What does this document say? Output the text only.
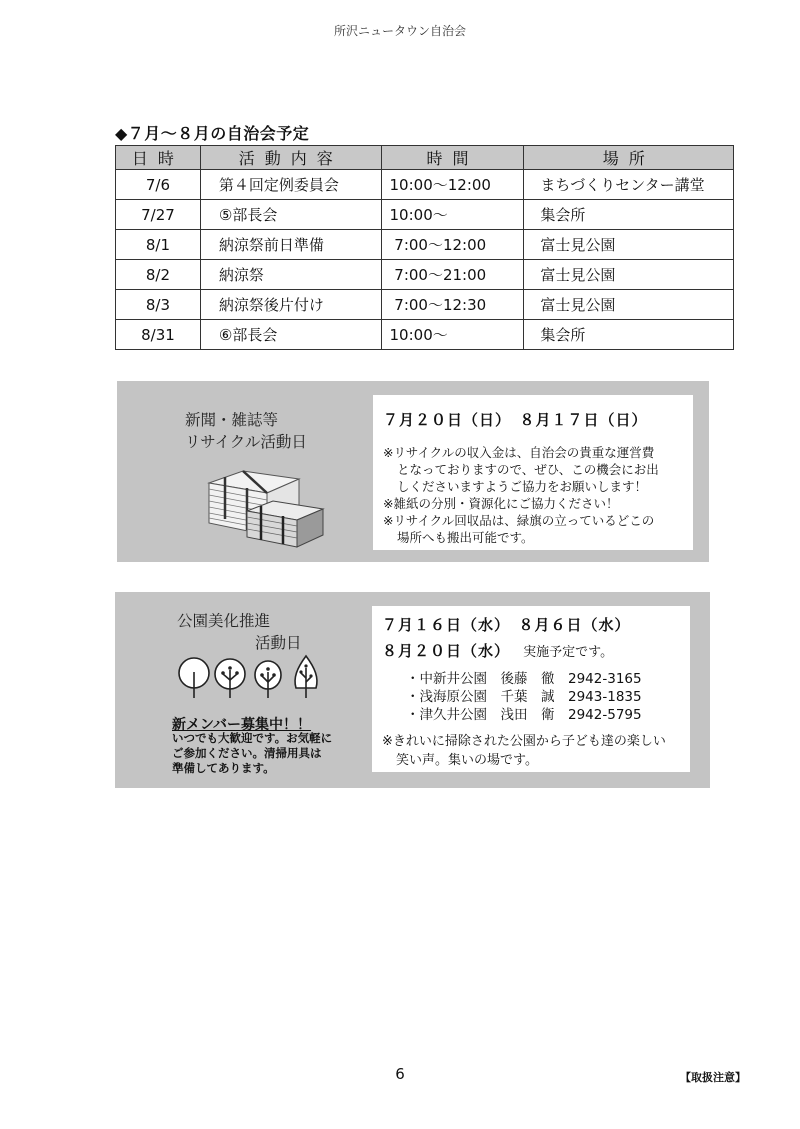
所沢ニュータウン自治会
◆７月～８月の自治会予定
日時	活動内容	時間	場所
7/6	第４回定例委員会	10:00～12:00	まちづくりセンター講堂
7/27	⑤部長会	10:00～	集会所
8/1	納涼祭前日準備	7:00～12:00	富士見公園
8/2	納涼祭	7:00～21:00	富士見公園
8/3	納涼祭後片付け	7:00～12:30	富士見公園
8/31	⑥部長会	10:00～	集会所
新聞・雑誌等
リサイクル活動日
７月２０日（日）　８月１７日（日）
※リサイクルの収入金は、自治会の貴重な運営費
となっておりますので、ぜひ、この機会にお出
しくださいますようご協力をお願いします！
※雑紙の分別・資源化にご協力ください！
※リサイクル回収品は、緑旗の立っているどこの
場所へも搬出可能です。
公園美化推進
活動日
新メンバー募集中！！
いつでも大歓迎です。お気軽に
ご参加ください。清掃用具は
準備してあります。
７月１６日（水）　８月６日（水）
８月２０日（水） 実施予定です。
・中新井公園　 後藤　徹　 2942-3165
・浅海原公園　 千葉　誠　 2943-1835
・津久井公園　 浅田　衛　 2942-5795
※きれいに掃除された公園から子ども達の楽しい
笑い声。集いの場です。
6	【取扱注意】
